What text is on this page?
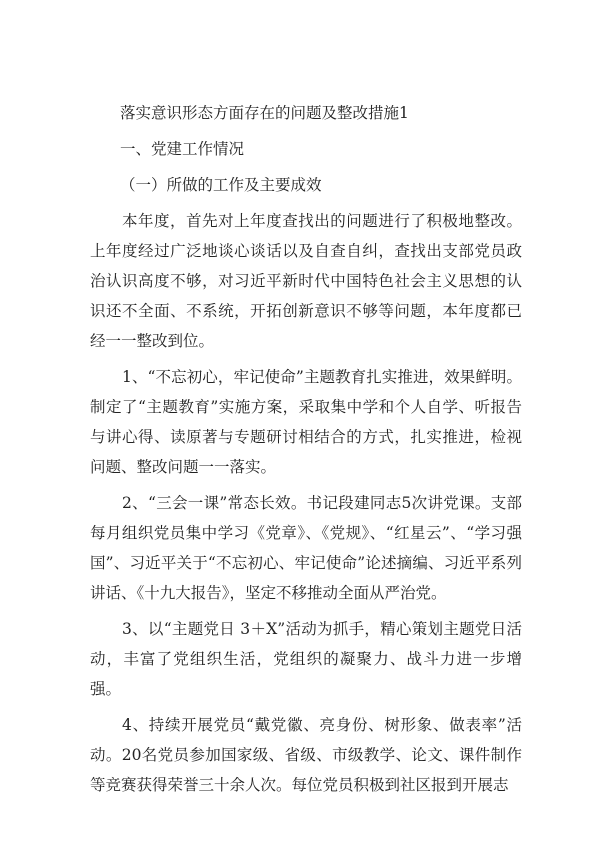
落实意识形态方面存在的问题及整改措施1
一、党建工作情况
（一）所做的工作及主要成效

本年度，首先对上年度查找出的问题进行了积极地整改。上年度经过广泛地谈心谈话以及自查自纠，查找出支部党员政治认识高度不够，对习近平新时代中国特色社会主义思想的认识还不全面、不系统，开拓创新意识不够等问题，本年度都已经一一整改到位。

1、“不忘初心，牢记使命”主题教育扎实推进，效果鲜明。制定了“主题教育”实施方案，采取集中学和个人自学、听报告与讲心得、读原著与专题研讨相结合的方式，扎实推进，检视问题、整改问题一一落实。

2、“三会一课”常态长效。书记段建同志5次讲党课。支部每月组织党员集中学习《党章》、《党规》、“红星云”、“学习强国”、习近平关于“不忘初心、牢记使命”论述摘编、习近平系列讲话、《十九大报告》，坚定不移推动全面从严治党。

3、以“主题党日 3＋X”活动为抓手，精心策划主题党日活动，丰富了党组织生活，党组织的凝聚力、战斗力进一步增强。

4、持续开展党员“戴党徽、亮身份、树形象、做表率”活动。20名党员参加国家级、省级、市级教学、论文、课件制作等竞赛获得荣誉三十余人次。每位党员积极到社区报到开展志
